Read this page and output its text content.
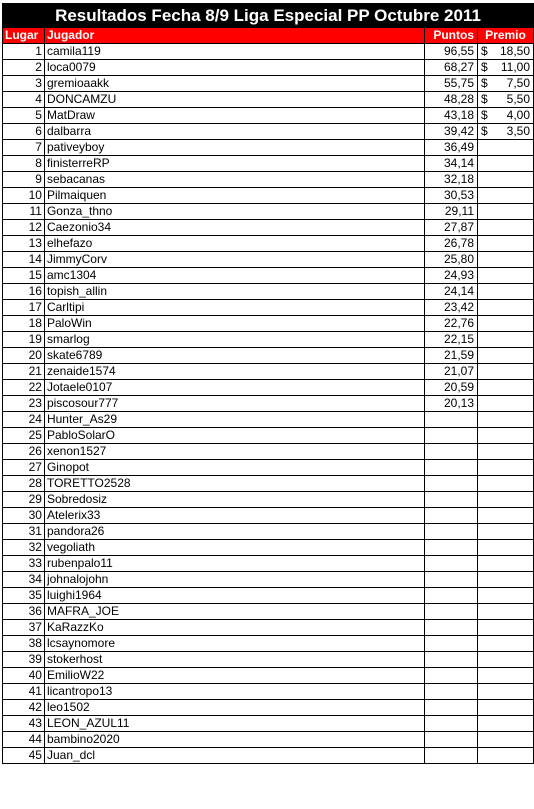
Resultados Fecha 8/9 Liga Especial PP Octubre 2011			
Lugar	Jugador	Puntos	Premio
1	camila119	96,55	$ 18,50

2	loca0079	68,27	$ 11,00

3	gremioaakk	55,75	$ 7,50

4	DONCAMZU	48,28	$ 5,50

5	MatDraw	43,18	$ 4,00

6	dalbarra	39,42	$ 3,50

7	pativeyboy	36,49	

8	finisterreRP	34,14	

9	sebacanas	32,18	

10	Pilmaiquen	30,53	

11	Gonza_thno	29,11	

12	Caezonio34	27,87	

13	elhefazo	26,78	

14	JimmyCorv	25,80	

15	amc1304	24,93	

16	topish_allin	24,14	

17	Carltipi	23,42	

18	PaloWin	22,76	

19	smarlog	22,15	

20	skate6789	21,59	

21	zenaide1574	21,07	

22	Jotaele0107	20,59	

23	piscosour777	20,13	

24	Hunter_As29		

25	PabloSolarO		

26	xenon1527		

27	Ginopot		

28	TORETTO2528		

29	Sobredosiz		

30	Atelerix33		

31	pandora26		

32	vegoliath		

33	rubenpalo11		

34	johnalojohn		

35	luighi1964		

36	MAFRA_JOE		

37	KaRazzKo		

38	lcsaynomore		

39	stokerhost		

40	EmilioW22		

41	licantropo13		

42	leo1502		

43	LEON_AZUL11		

44	bambino2020		

45	Juan_dcl		
